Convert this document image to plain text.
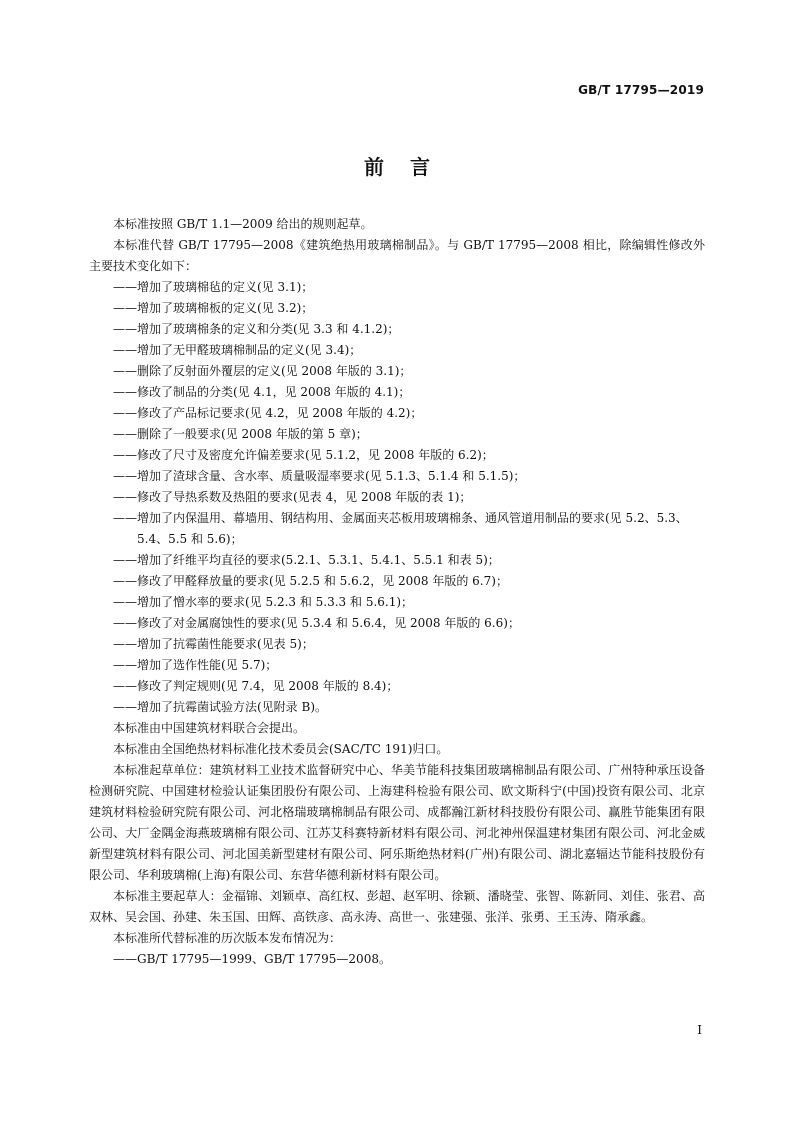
GB/T 17795—2019
前言

本标准按照 GB/T 1.1—2009 给出的规则起草。

本标准代替 GB/T 17795—2008《建筑绝热用玻璃棉制品》。与 GB/T 17795—2008 相比，除编辑性修改外主要技术变化如下：

——增加了玻璃棉毡的定义(见 3.1)；

——增加了玻璃棉板的定义(见 3.2)；

——增加了玻璃棉条的定义和分类(见 3.3 和 4.1.2)；

——增加了无甲醛玻璃棉制品的定义(见 3.4)；

——删除了反射面外覆层的定义(见 2008 年版的 3.1)；

——修改了制品的分类(见 4.1，见 2008 年版的 4.1)；

——修改了产品标记要求(见 4.2，见 2008 年版的 4.2)；

——删除了一般要求(见 2008 年版的第 5 章)；

——修改了尺寸及密度允许偏差要求(见 5.1.2，见 2008 年版的 6.2)；

——增加了渣球含量、含水率、质量吸湿率要求(见 5.1.3、5.1.4 和 5.1.5)；

——修改了导热系数及热阻的要求(见表 4，见 2008 年版的表 1)；

——增加了内保温用、幕墙用、钢结构用、金属面夹芯板用玻璃棉条、通风管道用制品的要求(见 5.2、5.3、5.4、5.5 和 5.6)；

——增加了纤维平均直径的要求(5.2.1、5.3.1、5.4.1、5.5.1 和表 5)；

——修改了甲醛释放量的要求(见 5.2.5 和 5.6.2，见 2008 年版的 6.7)；

——增加了憎水率的要求(见 5.2.3 和 5.3.3 和 5.6.1)；

——修改了对金属腐蚀性的要求(见 5.3.4 和 5.6.4，见 2008 年版的 6.6)；

——增加了抗霉菌性能要求(见表 5)；

——增加了选作性能(见 5.7)；

——修改了判定规则(见 7.4，见 2008 年版的 8.4)；

——增加了抗霉菌试验方法(见附录 B)。

本标准由中国建筑材料联合会提出。

本标准由全国绝热材料标准化技术委员会(SAC/TC 191)归口。

本标准起草单位：建筑材料工业技术监督研究中心、华美节能科技集团玻璃棉制品有限公司、广州特种承压设备检测研究院、中国建材检验认证集团股份有限公司、上海建科检验有限公司、欧文斯科宁(中国)投资有限公司、北京建筑材料检验研究院有限公司、河北格瑞玻璃棉制品有限公司、成都瀚江新材科技股份有限公司、赢胜节能集团有限公司、大厂金隅金海燕玻璃棉有限公司、江苏艾科赛特新材料有限公司、河北神州保温建材集团有限公司、河北金威新型建筑材料有限公司、河北国美新型建材有限公司、阿乐斯绝热材料(广州)有限公司、湖北嘉辐达节能科技股份有限公司、华利玻璃棉(上海)有限公司、东营华德利新材料有限公司。

本标准主要起草人：金福锦、刘颖卓、高红权、彭超、赵军明、徐颖、潘晓莹、张智、陈新同、刘佳、张君、高双林、吴会国、孙建、朱玉国、田辉、高铁彦、高永涛、高世一、张建强、张洋、张勇、王玉涛、隋承鑫。

本标准所代替标准的历次版本发布情况为：

——GB/T 17795—1999、GB/T 17795—2008。

I
